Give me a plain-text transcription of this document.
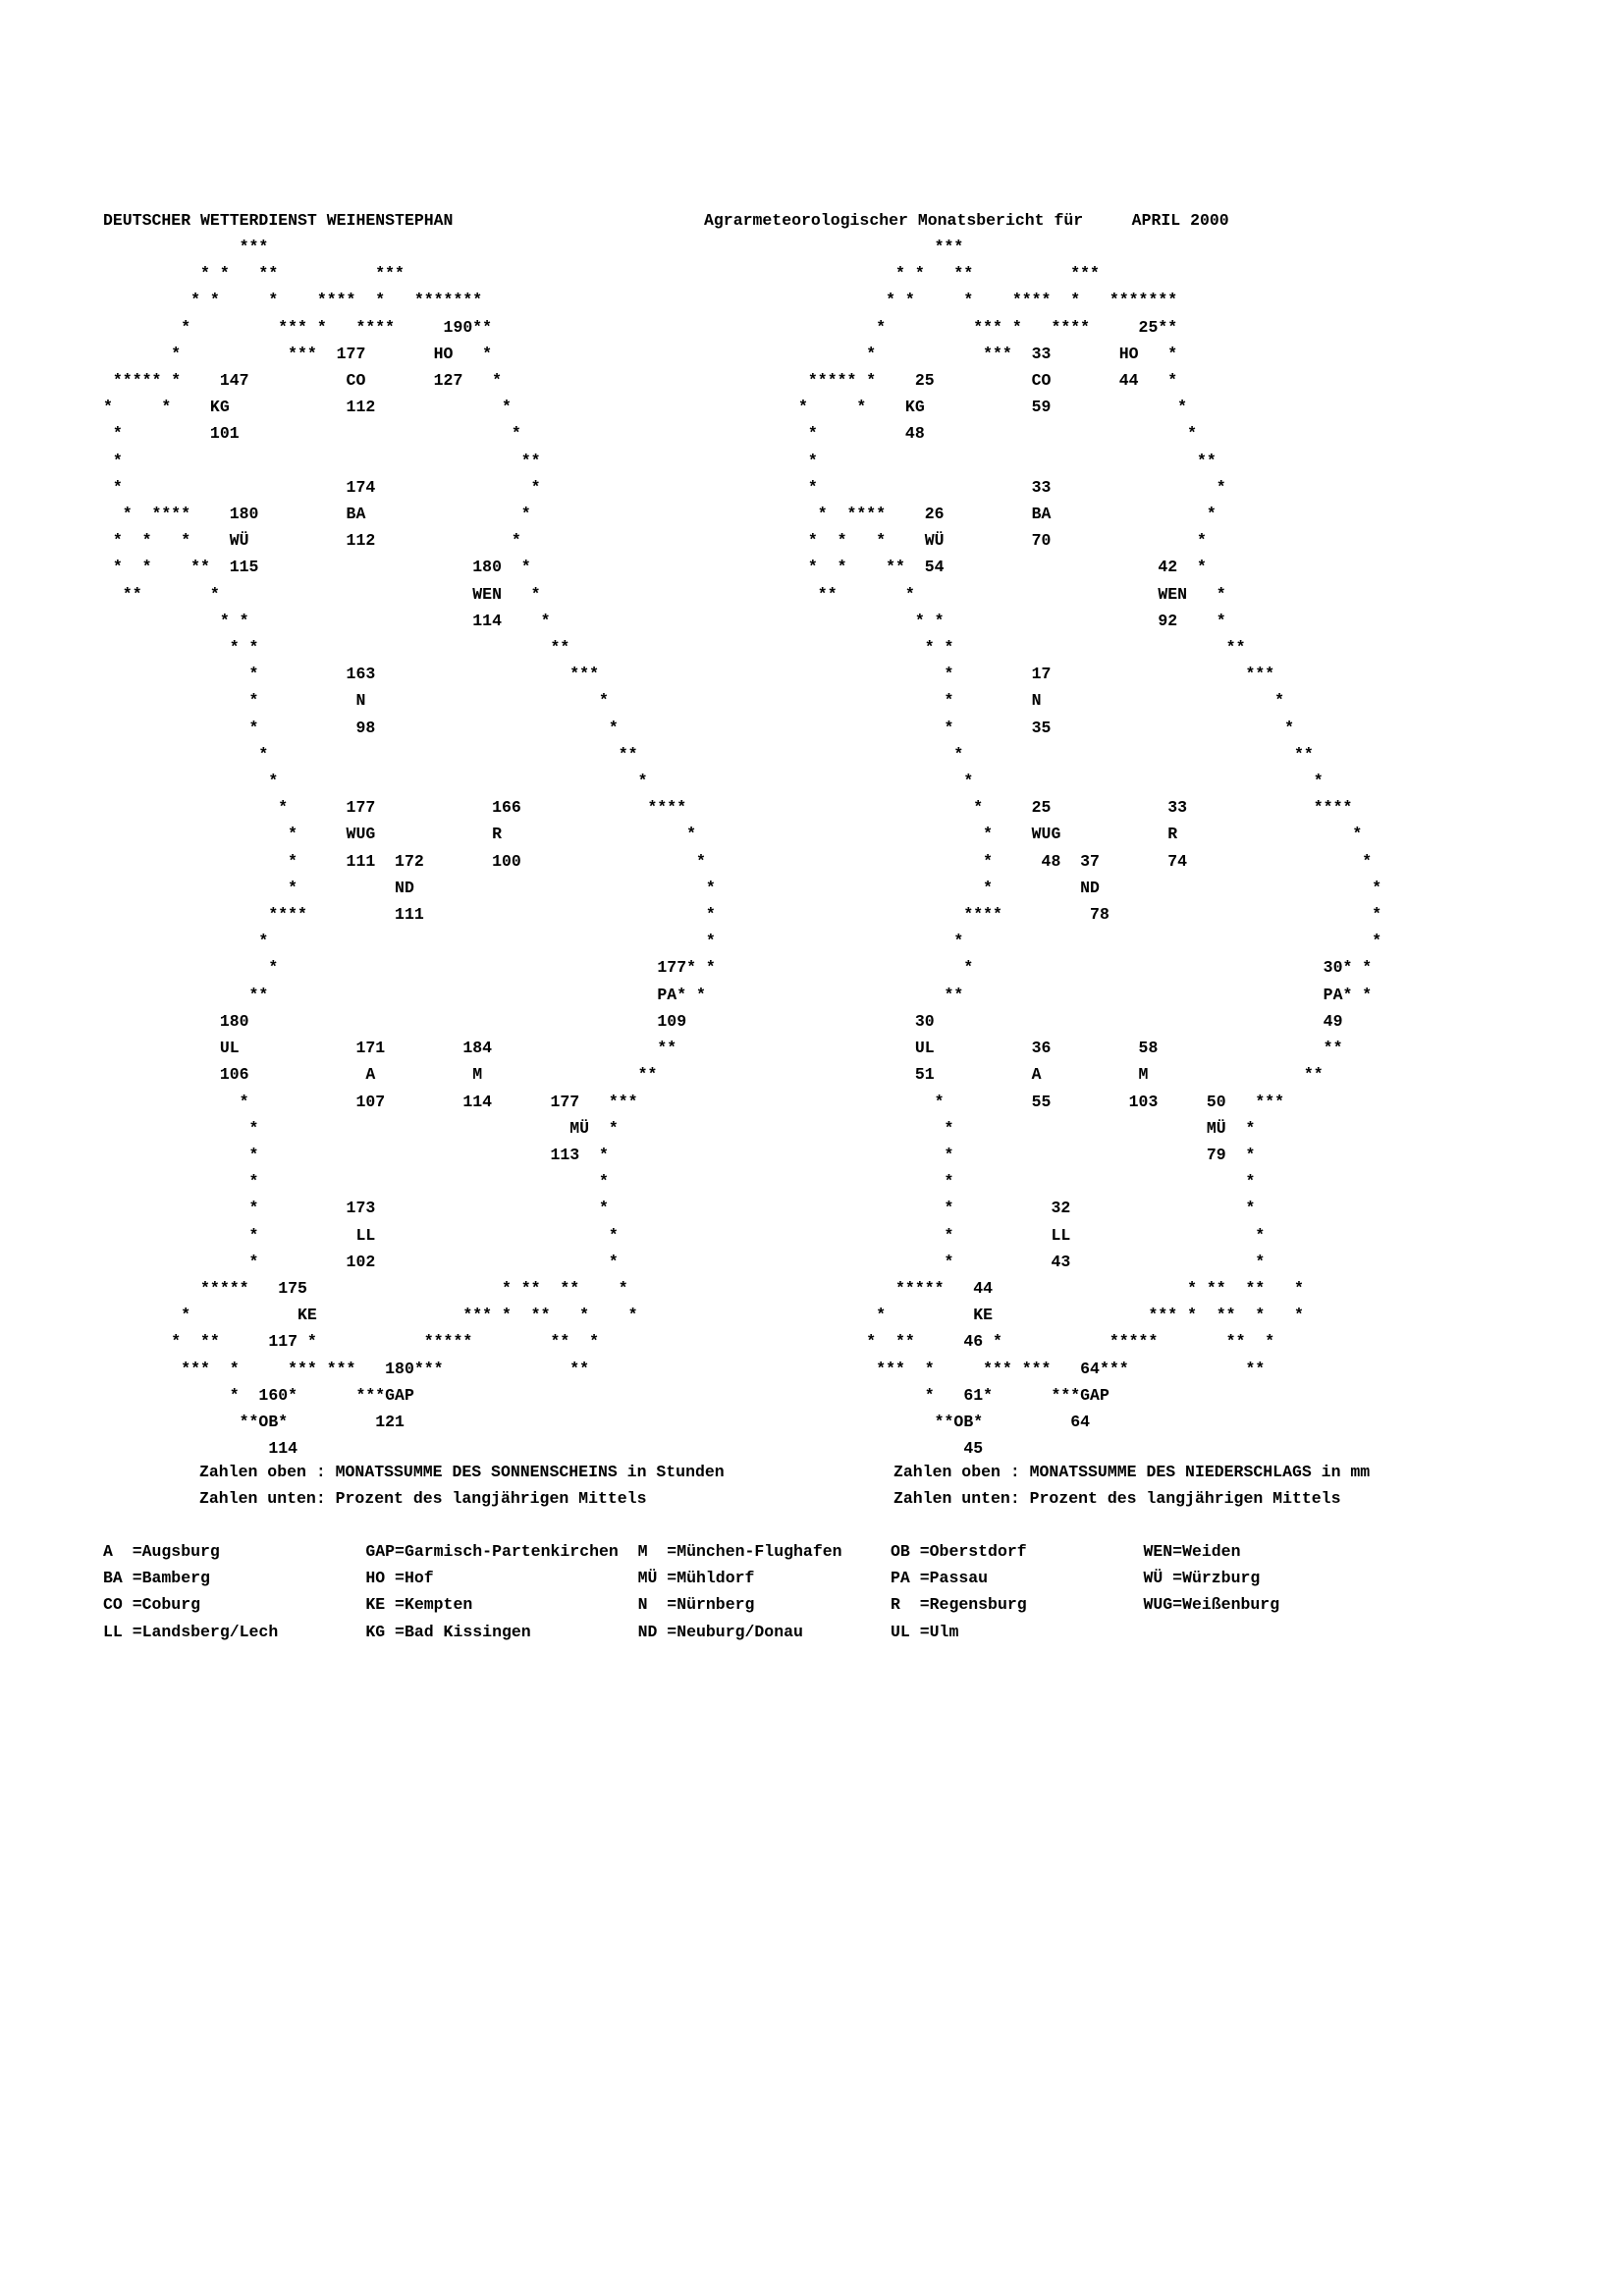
DEUTSCHER WETTERDIENST WEIHENSTEPHAN	Agrarmeteorologischer Monatsbericht für     APRIL 2000
***
* *   **          ***
* *     *    ****  *   *******
*         *** *   ****     190**
*           ***  177       HO   *
***** *    147          CO       127   *
*     *    KG            112             *
*         101                            *
*                                         **
*                       174                *
*  ****    180         BA                *
*  *   *    WÜ          112              *
*  *    **  115                      180  *
**       *                          WEN   *
* *                       114    *
* *                              **
*         163                    ***
*          N                        *
*          98                        *
*                                    **
*                                     *
*      177            166             ****
*     WUG            R                   *
*     111  172       100                  *
*          ND                              *
****         111                             *
*                                             *
*                                       177* *
**                                        PA* *
180                                          109
UL            171        184                 **
106            A          M                **
*           107        114      177   ***
*                                MÜ  *
*                              113  *
*                                   *
*         173                       *
*          LL                        *
*         102                        *
*****   175                    * **  **    *
*           KE               *** *  **   *    *
*  **     117 *           *****        **  *
***  *     *** ***   180***             **
*  160*      ***GAP
**OB*         121
114
***
* *   **          ***
* *     *    ****  *   *******
*         *** *   ****     25**
*           ***  33       HO   *
***** *    25          CO       44   *
*     *    KG           59             *
*         48                           *
*                                       **
*                      33                 *
*  ****    26         BA                *
*  *   *    WÜ         70               *
*  *    **  54                      42  *
**       *                         WEN   *
* *                      92    *
* *                            **
*        17                    ***
*        N                        *
*        35                        *
*                                  **
*                                   *
*     25            33             ****
*    WUG           R                  *
*     48  37       74                  *
*         ND                            *
****         78                           *
*                                          *
*                                    30* *
**                                     PA* *
30                                        49
UL          36         58                 **
51          A          M                **
*         55        103     50   ***
*                          MÜ  *
*                          79  *
*                              *
*          32                  *
*          LL                   *
*          43                   *
*****   44                    * **  **   *
*         KE                *** *  **  *   *
*  **     46 *           *****       **  *
***  *     *** ***   64***            **
*   61*      ***GAP
**OB*         64
45
Zahlen oben : MONATSSUMME DES SONNENSCHEINS in Stunden
Zahlen unten: Prozent des langjährigen Mittels
Zahlen oben : MONATSSUMME DES NIEDERSCHLAGS in mm
Zahlen unten: Prozent des langjährigen Mittels
A  =Augsburg               GAP=Garmisch-Partenkirchen  M  =München-Flughafen     OB =Oberstdorf            WEN=Weiden
BA =Bamberg                HO =Hof                     MÜ =Mühldorf              PA =Passau                WÜ =Würzburg
CO =Coburg                 KE =Kempten                 N  =Nürnberg              R  =Regensburg            WUG=Weißenburg
LL =Landsberg/Lech         KG =Bad Kissingen           ND =Neuburg/Donau         UL =Ulm
